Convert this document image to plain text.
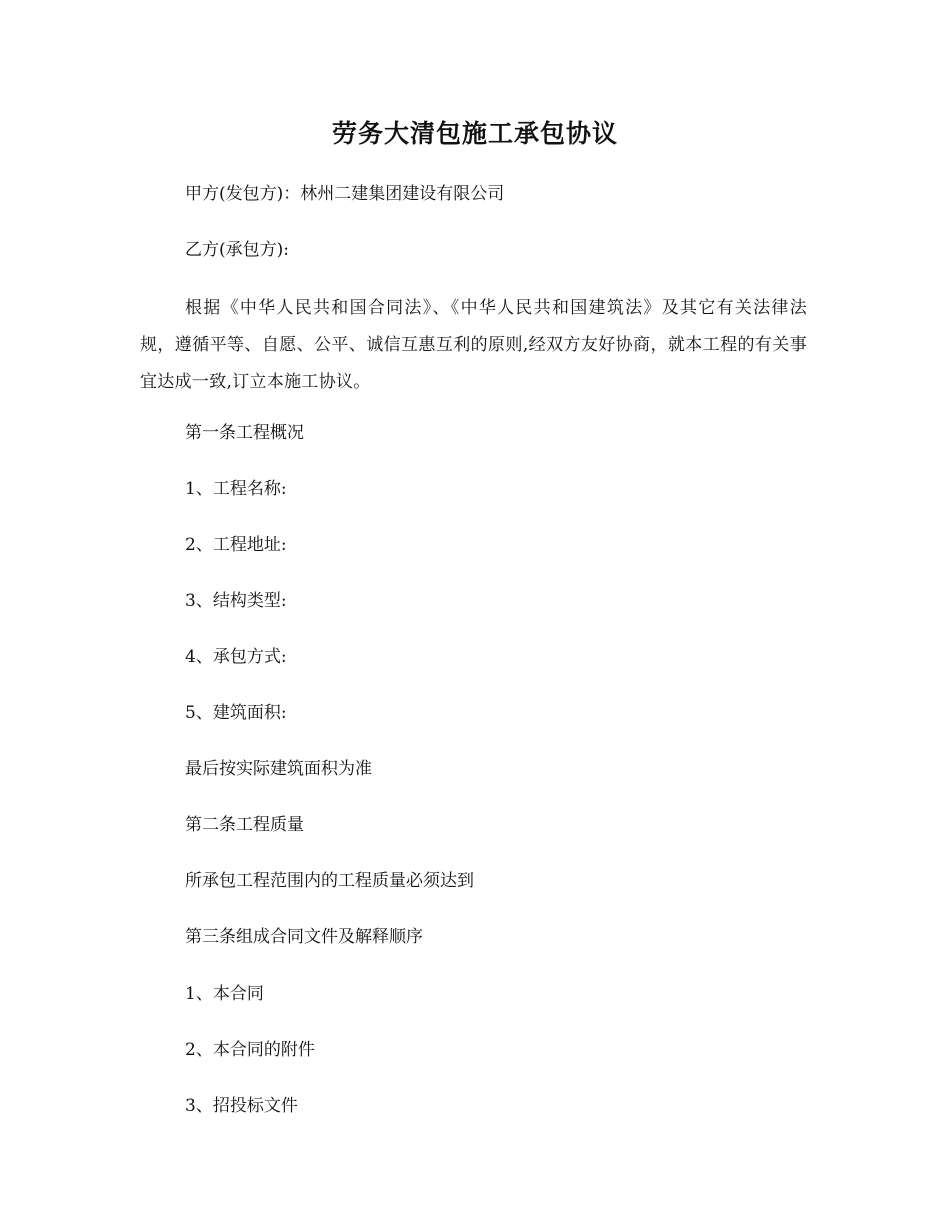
劳务大清包施工承包协议

甲方(发包方)：林州二建集团建设有限公司

乙方(承包方):

根据《中华人民共和国合同法》、《中华人民共和国建筑法》及其它有关法律法规，遵循平等、自愿、公平、诚信互惠互利的原则,经双方友好协商，就本工程的有关事宜达成一致,订立本施工协议。

第一条工程概况

1、工程名称:

2、工程地址:

3、结构类型:

4、承包方式:

5、建筑面积:

最后按实际建筑面积为准

第二条工程质量

所承包工程范围内的工程质量必须达到

第三条组成合同文件及解释顺序

1、本合同

2、本合同的附件

3、招投标文件
